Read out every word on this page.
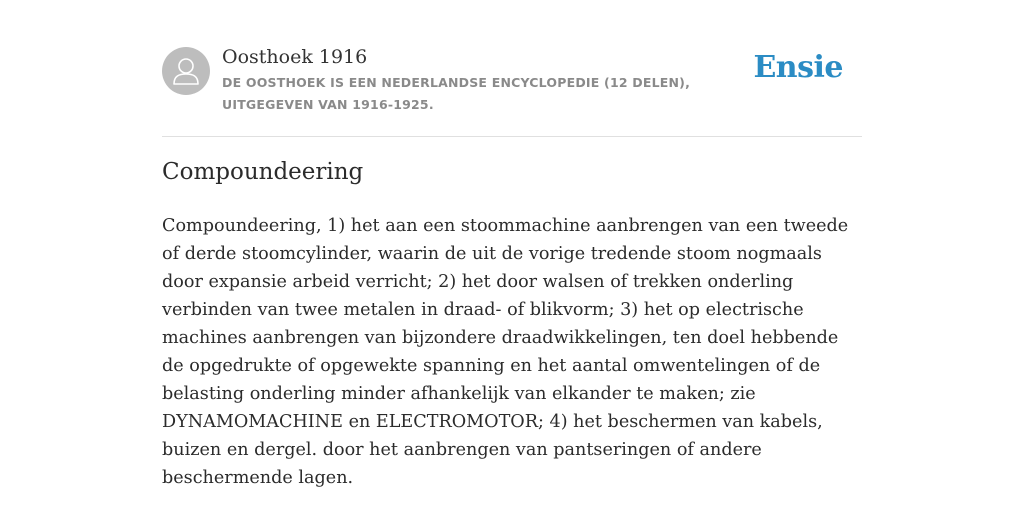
Oosthoek 1916
DE OOSTHOEK IS EEN NEDERLANDSE ENCYCLOPEDIE (12 DELEN), UITGEGEVEN VAN 1916-1925.
Ensie
Compoundeering

Compoundeering, 1) het aan een stoommachine aanbrengen van een tweede of derde stoomcylinder, waarin de uit de vorige tredende stoom nogmaals door expansie arbeid verricht; 2) het door walsen of trekken onderling verbinden van twee metalen in draad- of blikvorm; 3) het op electrische machines aanbrengen van bijzondere draadwikkelingen, ten doel hebbende de opgedrukte of opgewekte spanning en het aantal omwentelingen of de belasting onderling minder afhankelijk van elkander te maken; zie DYNAMOMACHINE en ELECTROMOTOR; 4) het beschermen van kabels, buizen en dergel. door het aanbrengen van pantseringen of andere beschermende lagen.
